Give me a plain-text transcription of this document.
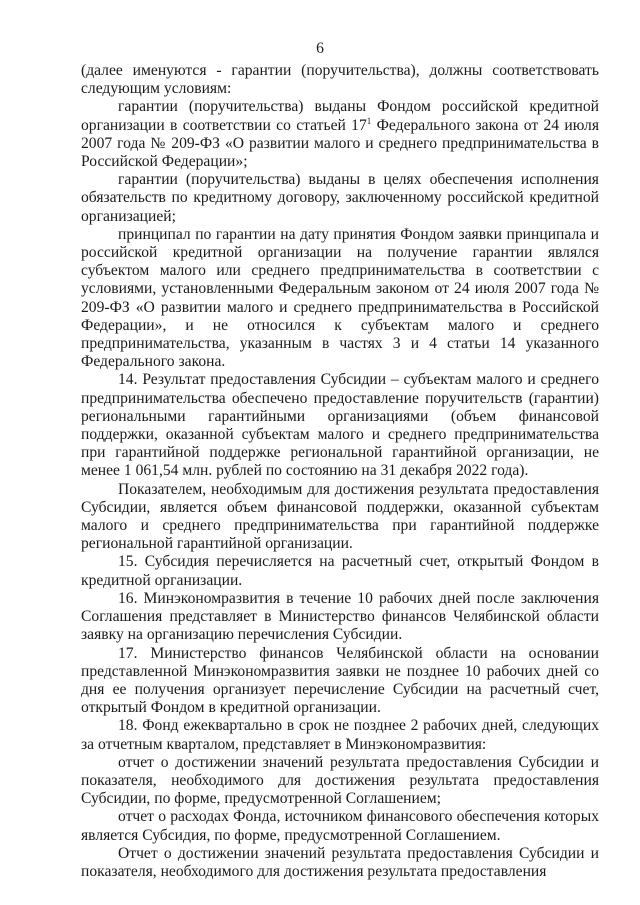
6

(далее именуются - гарантии (поручительства), должны соответствовать следующим условиям:

гарантии (поручительства) выданы Фондом российской кредитной организации в соответствии со статьей $17^1$ Федерального закона от 24 июля 2007 года № 209-ФЗ «О развитии малого и среднего предпринимательства в Российской Федерации»;

гарантии (поручительства) выданы в целях обеспечения исполнения обязательств по кредитному договору, заключенному российской кредитной организацией;

принципал по гарантии на дату принятия Фондом заявки принципала и российской кредитной организации на получение гарантии являлся субъектом малого или среднего предпринимательства в соответствии с условиями, установленными Федеральным законом от 24 июля 2007 года № 209-ФЗ «О развитии малого и среднего предпринимательства в Российской Федерации», и не относился к субъектам малого и среднего предпринимательства, указанным в частях 3 и 4 статьи 14 указанного Федерального закона.

14. Результат предоставления Субсидии – субъектам малого и среднего предпринимательства обеспечено предоставление поручительств (гарантии) региональными гарантийными организациями (объем финансовой поддержки, оказанной субъектам малого и среднего предпринимательства при гарантийной поддержке региональной гарантийной организации, не менее 1 061,54 млн. рублей по состоянию на 31 декабря 2022 года).

Показателем, необходимым для достижения результата предоставления Субсидии, является объем финансовой поддержки, оказанной субъектам малого и среднего предпринимательства при гарантийной поддержке региональной гарантийной организации.

15. Субсидия перечисляется на расчетный счет, открытый Фондом в кредитной организации.

16. Минэкономразвития в течение 10 рабочих дней после заключения Соглашения представляет в Министерство финансов Челябинской области заявку на организацию перечисления Субсидии.

17. Министерство финансов Челябинской области на основании представленной Минэкономразвития заявки не позднее 10 рабочих дней со дня ее получения организует перечисление Субсидии на расчетный счет, открытый Фондом в кредитной организации.

18. Фонд ежеквартально в срок не позднее 2 рабочих дней, следующих за отчетным кварталом, представляет в Минэкономразвития:

отчет о достижении значений результата предоставления Субсидии и показателя, необходимого для достижения результата предоставления Субсидии, по форме, предусмотренной Соглашением;

отчет о расходах Фонда, источником финансового обеспечения которых является Субсидия, по форме, предусмотренной Соглашением.

Отчет о достижении значений результата предоставления Субсидии и показателя, необходимого для достижения результата предоставления
